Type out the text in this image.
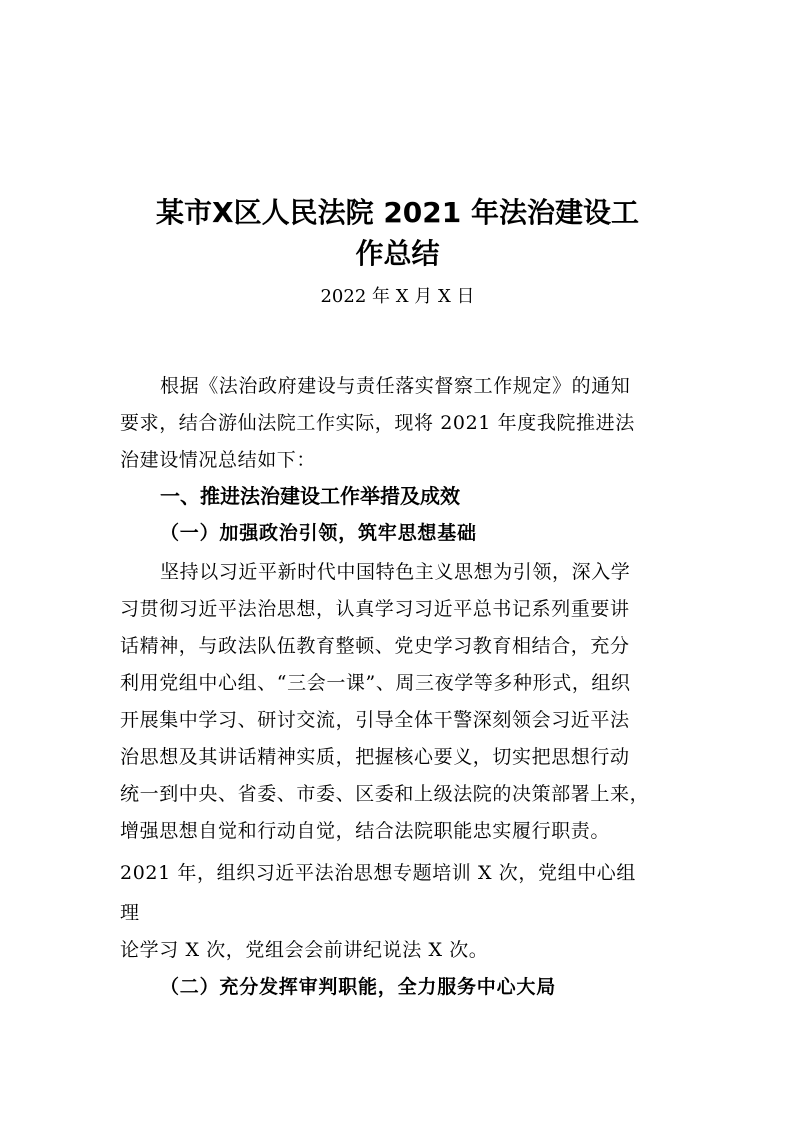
某市X区人民法院 2021 年法治建设工
作总结
2022 年 X 月 X 日
根据《法治政府建设与责任落实督察工作规定》的通知
要求，结合游仙法院工作实际，现将 2021 年度我院推进法
治建设情况总结如下：
一、推进法治建设工作举措及成效
（一）加强政治引领，筑牢思想基础
坚持以习近平新时代中国特色主义思想为引领，深入学
习贯彻习近平法治思想，认真学习习近平总书记系列重要讲
话精神，与政法队伍教育整顿、党史学习教育相结合，充分
利用党组中心组、“三会一课”、周三夜学等多种形式，组织
开展集中学习、研讨交流，引导全体干警深刻领会习近平法
治思想及其讲话精神实质，把握核心要义，切实把思想行动
统一到中央、省委、市委、区委和上级法院的决策部署上来，
增强思想自觉和行动自觉，结合法院职能忠实履行职责。
2021 年，组织习近平法治思想专题培训 X 次，党组中心组
理
论学习 X 次，党组会会前讲纪说法 X 次。
（二）充分发挥审判职能，全力服务中心大局
